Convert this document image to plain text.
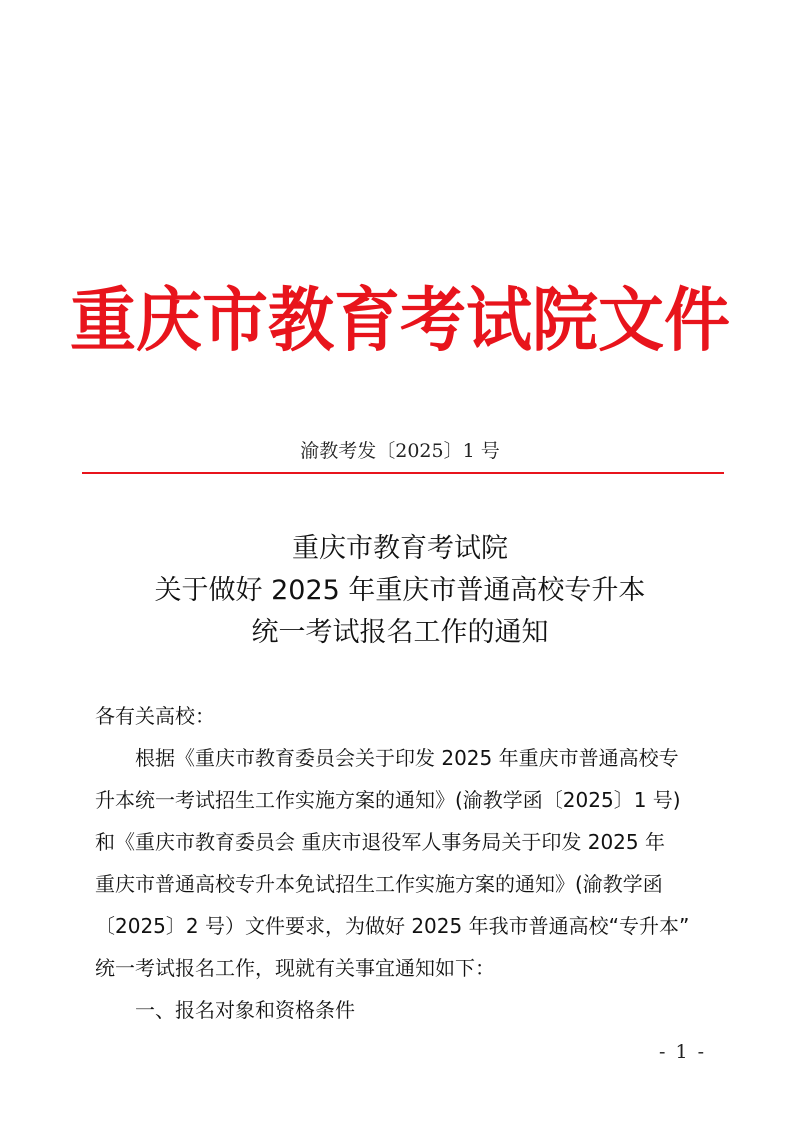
重庆市教育考试院文件
渝教考发〔2025〕1 号
重庆市教育考试院
关于做好 2025 年重庆市普通高校专升本
统一考试报名工作的通知
各有关高校：
根据《重庆市教育委员会关于印发 2025 年重庆市普通高校专
升本统一考试招生工作实施方案的通知》(渝教学函〔2025〕1 号)
和《重庆市教育委员会 重庆市退役军人事务局关于印发 2025 年
重庆市普通高校专升本免试招生工作实施方案的通知》(渝教学函
〔2025〕2 号）文件要求，为做好 2025 年我市普通高校“专升本”
统一考试报名工作，现就有关事宜通知如下：
一、报名对象和资格条件
- 1 -
